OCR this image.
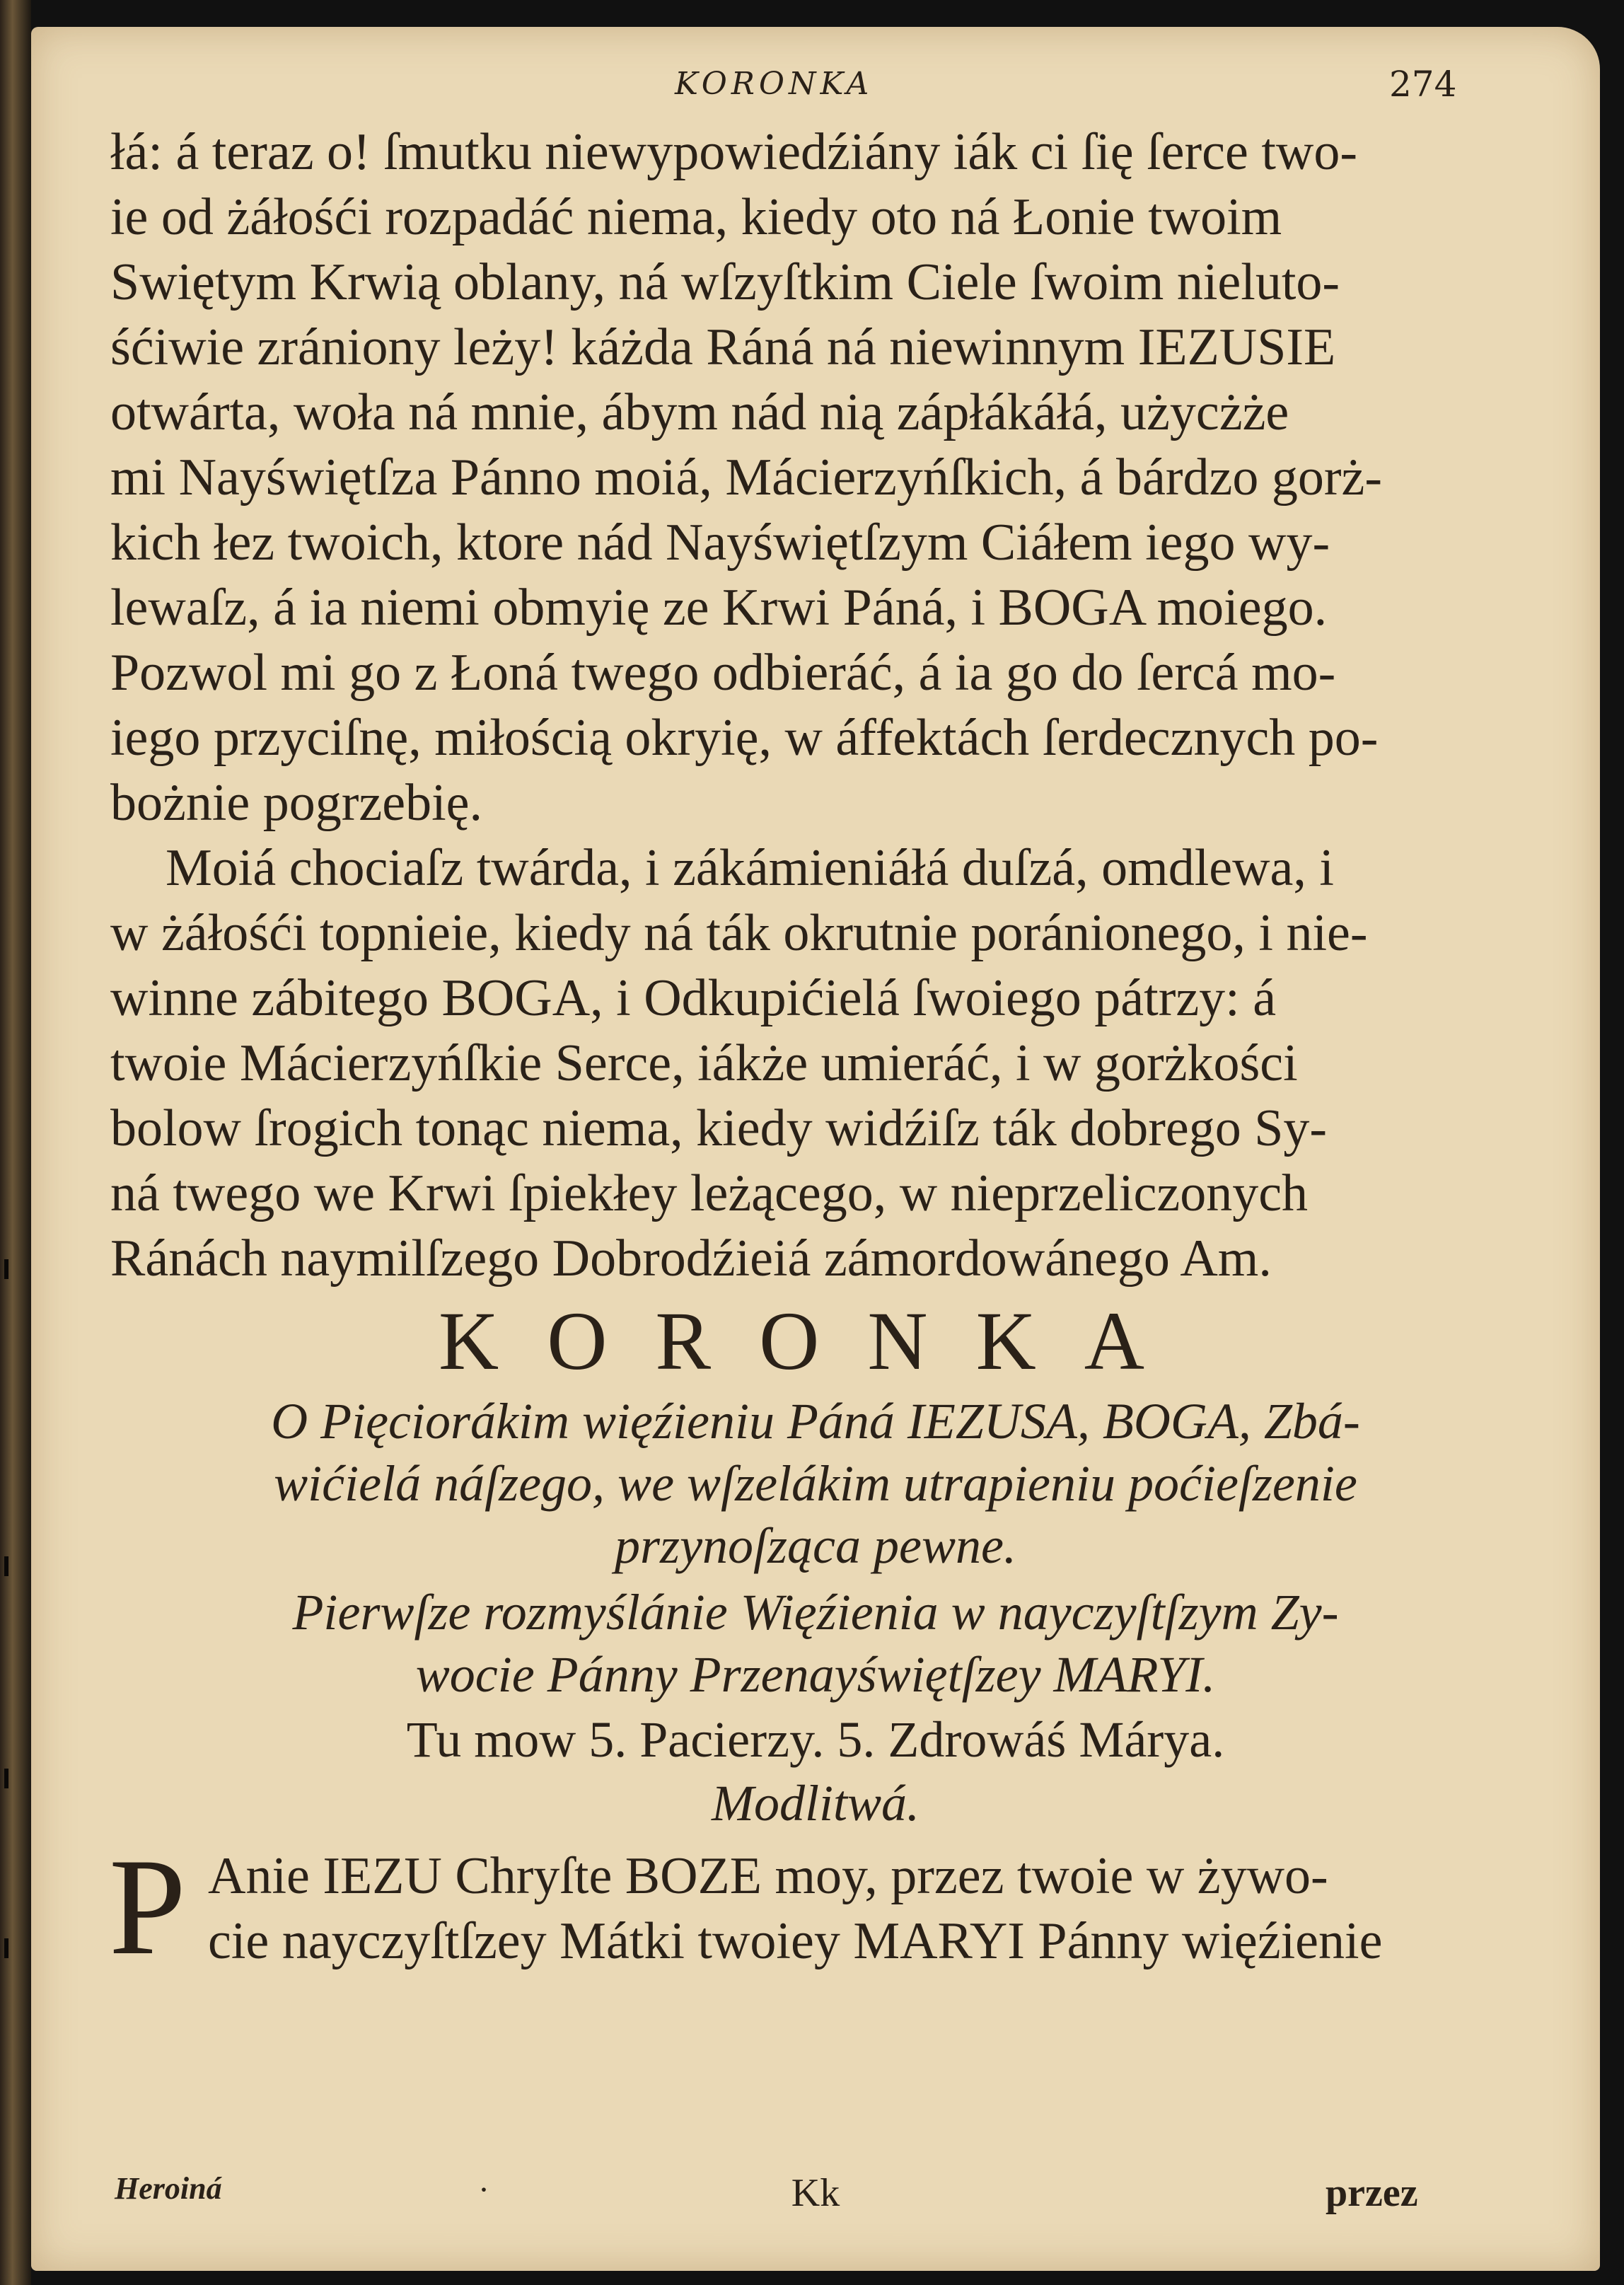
KORONKA	274
łá: á teraz o! ſmutku niewypowiedźiány iák ci ſię ſerce two-
ie od żáłośći rozpadáć niema, kiedy oto ná Łonie twoim
Swiętym Krwią oblany, ná wſzyſtkim Ciele ſwoim nieluto-
śćiwie zrániony leży! káżda Ráná ná niewinnym IEZUSIE
otwárta, woła ná mnie, ábym nád nią zápłákáłá, użycżże
mi Nayświętſza Pánno moiá, Mácierzyńſkich, á bárdzo gorż-
kich łez twoich, ktore nád Nayświętſzym Ciáłem iego wy-
lewaſz, á ia niemi obmyię ze Krwi Páná, i BOGA moiego.
Pozwol mi go z Łoná twego odbieráć, á ia go do ſercá mo-
iego przyciſnę, miłością okryię, w áffektách ſerdecznych po-
bożnie pogrzebię.
Moiá chociaſz twárda, i zákámieniáłá duſzá, omdlewa, i
w żáłośći topnieie, kiedy ná ták okrutnie poránionego, i nie-
winne zábitego BOGA, i Odkupićielá ſwoiego pátrzy: á
twoie Mácierzyńſkie Serce, iákże umieráć, i w gorżkości
bolow ſrogich tonąc niema, kiedy widźiſz ták dobrego Sy-
ná twego we Krwi ſpiekłey leżącego, w nieprzeliczonych
Ránách naymilſzego Dobrodźieiá zámordowánego Am.
KORONKA
O Pięciorákim więźieniu Páná IEZUSA, BOGA, Zbá-
wićielá náſzego, we wſzelákim utrapieniu poćieſzenie
przynoſząca pewne.
Pierwſze rozmyślánie Więźienia w nayczyſtſzym Zy-
wocie Pánny Przenayświętſzey MARYI.
Tu mow 5. Pacierzy. 5. Zdrowáś Márya.
Modlitwá.
P Anie IEZU Chryſte BOZE moy, przez twoie w żywo-
cie nayczyſtſzey Mátki twoiey MARYI Pánny więźienie
Heroiná	·	Kk	przez
